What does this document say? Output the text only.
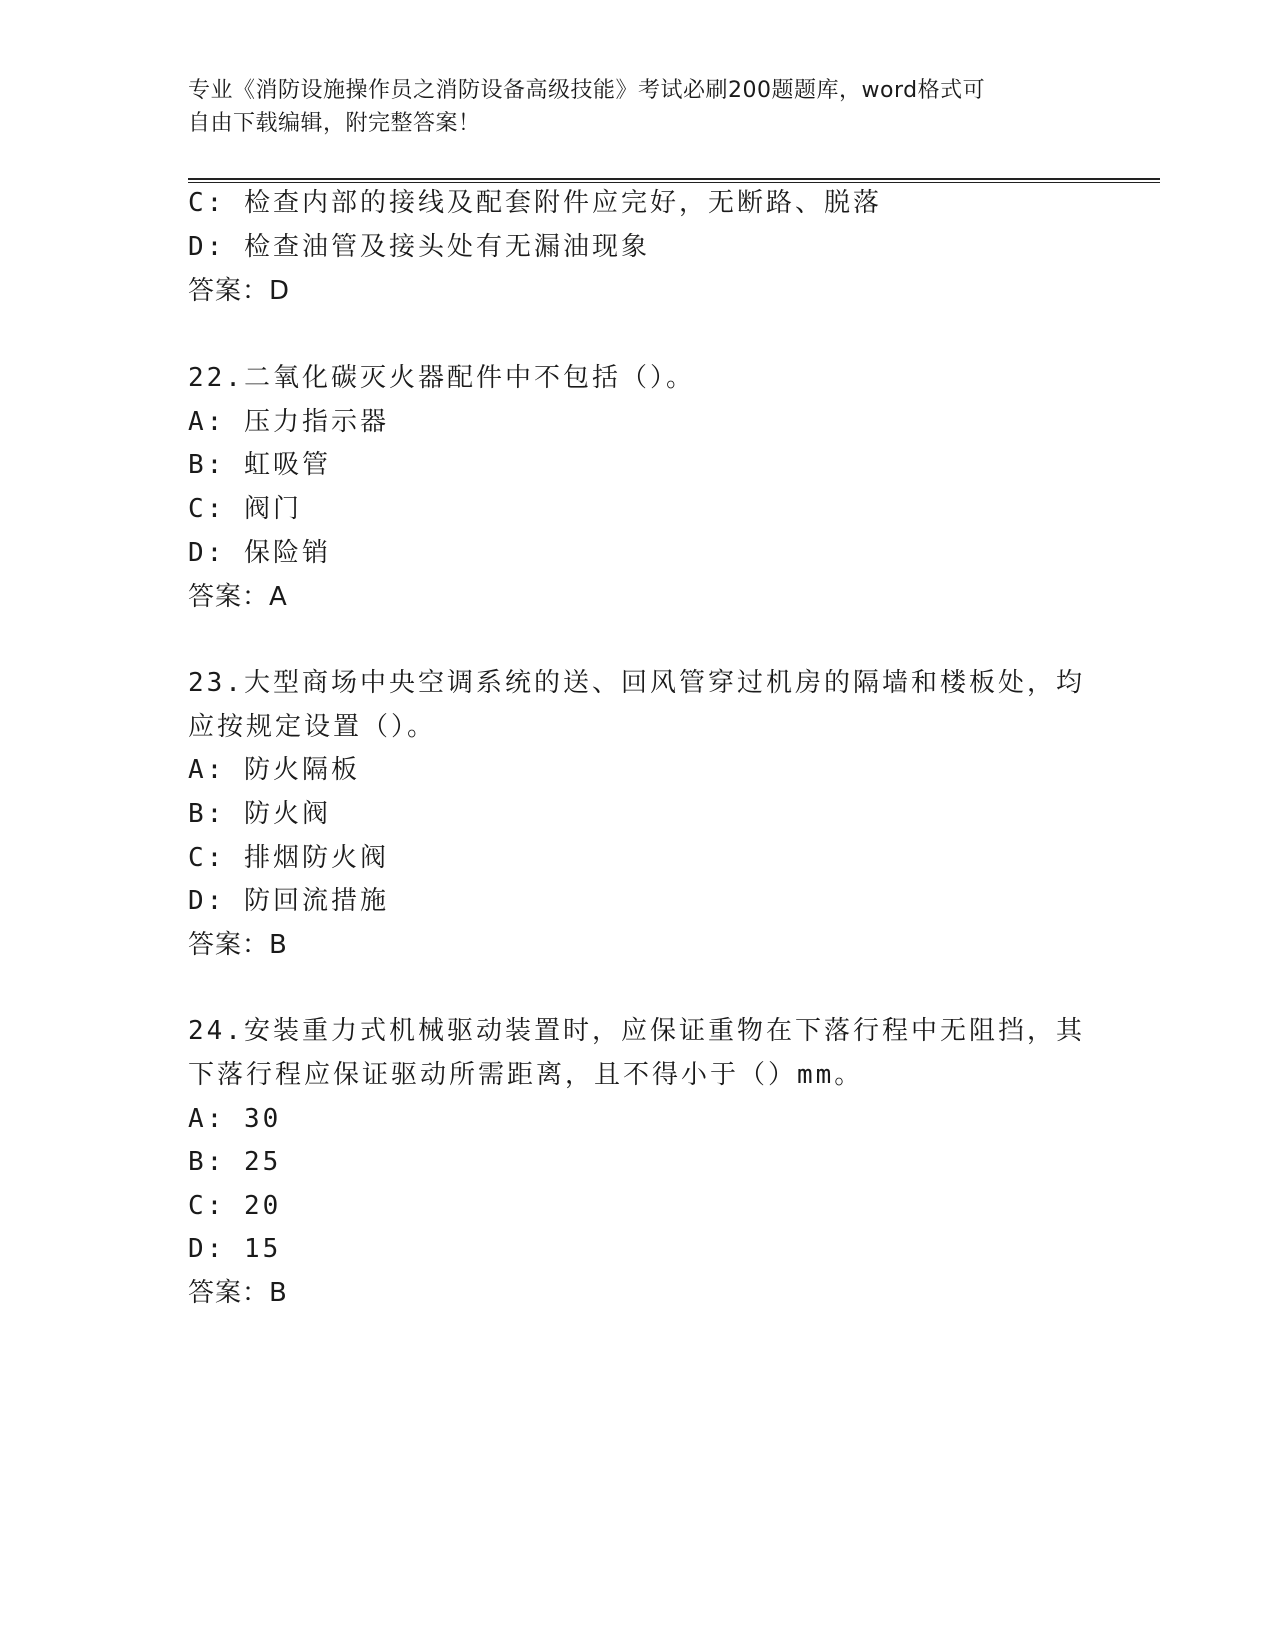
专业《消防设施操作员之消防设备高级技能》考试必刷200题题库，word格式可
自由下载编辑，附完整答案！
C: 检查内部的接线及配套附件应完好，无断路、脱落
D: 检查油管及接头处有无漏油现象
答案：D
22.二氧化碳灭火器配件中不包括（）。
A: 压力指示器
B: 虹吸管
C: 阀门
D: 保险销
答案：A
23.大型商场中央空调系统的送、回风管穿过机房的隔墙和楼板处，均
应按规定设置（）。
A: 防火隔板
B: 防火阀
C: 排烟防火阀
D: 防回流措施
答案：B
24.安装重力式机械驱动装置时，应保证重物在下落行程中无阻挡，其
下落行程应保证驱动所需距离，且不得小于（）mm。
A: 30
B: 25
C: 20
D: 15
答案：B
